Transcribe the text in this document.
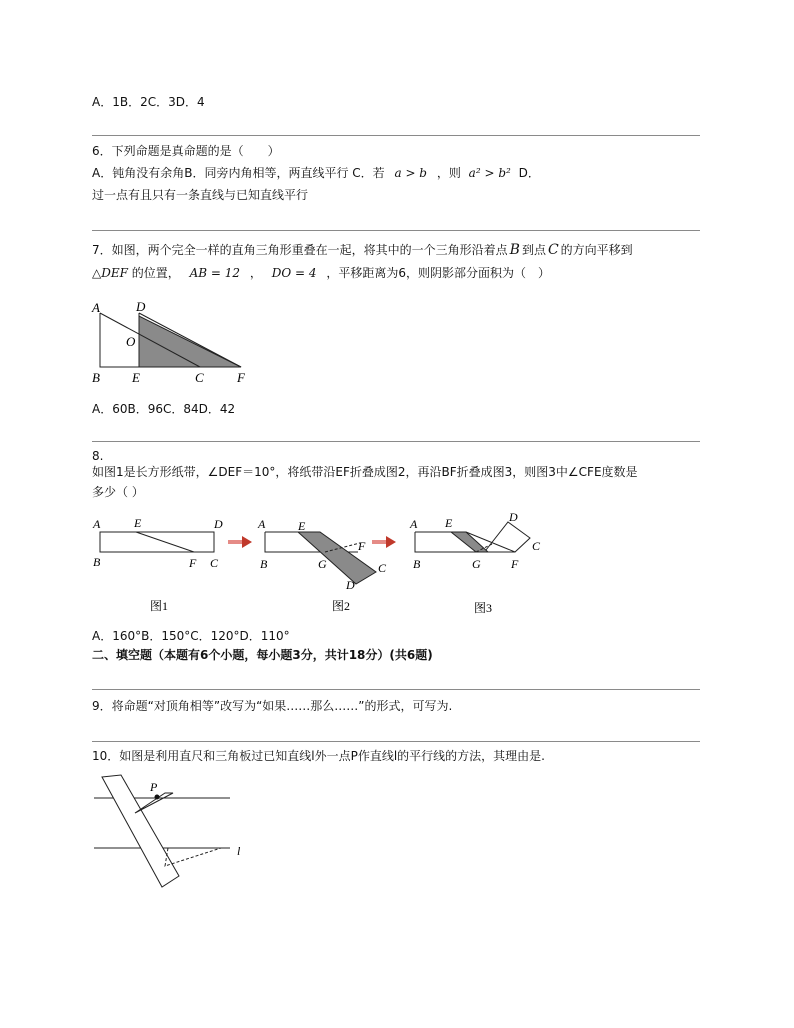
A．1B．2C．3D．4
6．下列命题是真命题的是（　　）
A．钝角没有余角B．同旁内角相等，两直线平行 C．若 a > b ，则 a² > b² D．
过一点有且只有一条直线与已知直线平行
7．如图，两个完全一样的直角三角形重叠在一起，将其中的一个三角形沿着点 B 到点 C 的方向平移到
△DEF 的位置， AB = 12 ， DO = 4 ，平移距离为6，则阴影部分面积为（　）
A	D
O
B E	C	F
A．60B．96C．84D．42
8.
如图1是长方形纸带，∠DEF＝10°，将纸带沿EF折叠成图2，再沿BF折叠成图3，则图3中∠CFE度数是
多少（ ）
A	E	D
B	F C
图1
A	E
F
B	G	C
D
图2
A E	D
C
B	G	F
图3
A．160°B．150°C．120°D．110°
二、填空题（本题有6个小题，每小题3分，共计18分）(共6题)
9．将命题“对顶角相等”改写为“如果……那么……”的形式，可写为.
10．如图是利用直尺和三角板过已知直线l外一点P作直线l的平行线的方法，其理由是.
P
l
